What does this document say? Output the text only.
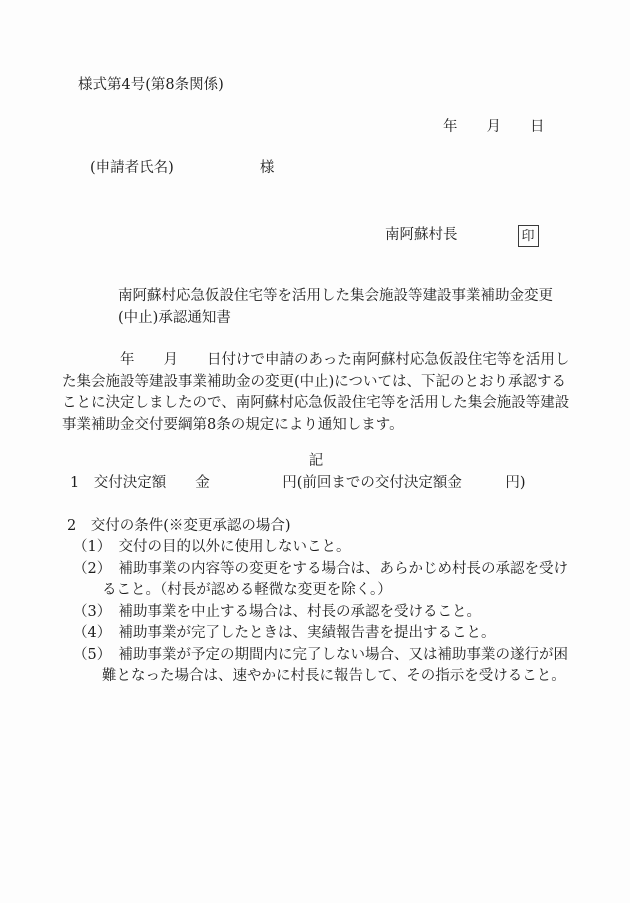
様式第4号(第8条関係)
年　　月　　日
(申請者氏名)	様
南阿蘇村長	印
南阿蘇村応急仮設住宅等を活用した集会施設等建設事業補助金変更
(中止)承認通知書
　　　　年　　月　　日付けで申請のあった南阿蘇村応急仮設住宅等を活用し
た集会施設等建設事業補助金の変更(中止)については、下記のとおり承認する
ことに決定しましたので、南阿蘇村応急仮設住宅等を活用した集会施設等建設
事業補助金交付要綱第8条の規定により通知します。
記
1　交付決定額　　金　　　　　円(前回までの交付決定額金　　　円)
2　交付の条件(※変更承認の場合)
（1）　交付の目的以外に使用しないこと。
（2）　補助事業の内容等の変更をする場合は、あらかじめ村長の承認を受け
　　ること。（村長が認める軽微な変更を除く。）
（3）　補助事業を中止する場合は、村長の承認を受けること。
（4）　補助事業が完了したときは、実績報告書を提出すること。
（5）　補助事業が予定の期間内に完了しない場合、又は補助事業の遂行が困
　　難となった場合は、速やかに村長に報告して、その指示を受けること。
